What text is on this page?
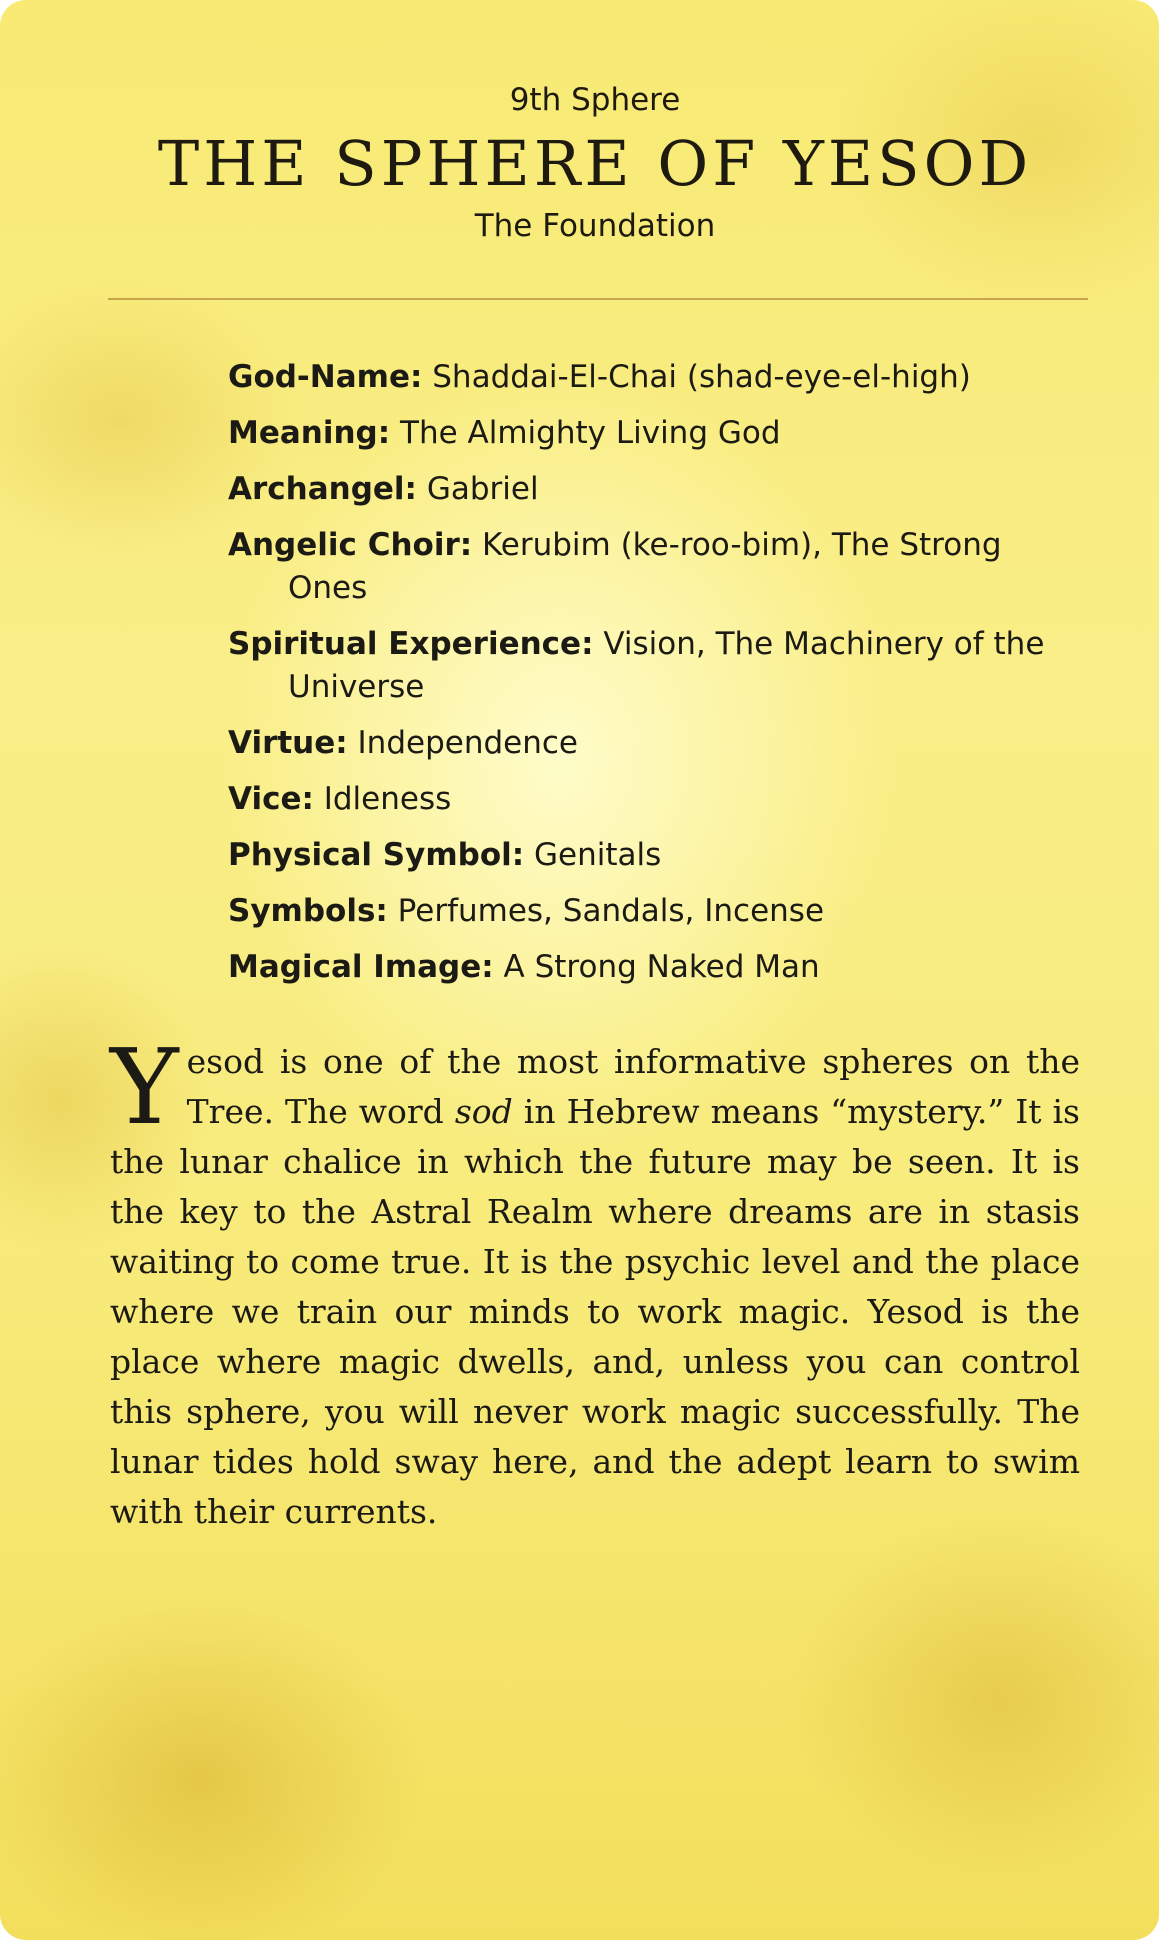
9th Sphere
THE SPHERE OF YESOD
The Foundation
God-Name: Shaddai-El-Chai (shad-eye-el-high)
Meaning: The Almighty Living God
Archangel: Gabriel
Angelic Choir: Kerubim (ke-roo-bim), The Strong Ones
Spiritual Experience: Vision, The Machinery of the Universe
Virtue: Independence
Vice: Idleness
Physical Symbol: Genitals
Symbols: Perfumes, Sandals, Incense
Magical Image: A Strong Naked Man
Yesod is one of the most informative spheres on the Tree. The word sod in Hebrew means “mystery.” It is the lunar chalice in which the future may be seen. It is the key to the Astral Realm where dreams are in stasis waiting to come true. It is the psychic level and the place where we train our minds to work magic. Yesod is the place where magic dwells, and, unless you can control this sphere, you will never work magic successfully. The lunar tides hold sway here, and the adept learn to swim with their currents.
